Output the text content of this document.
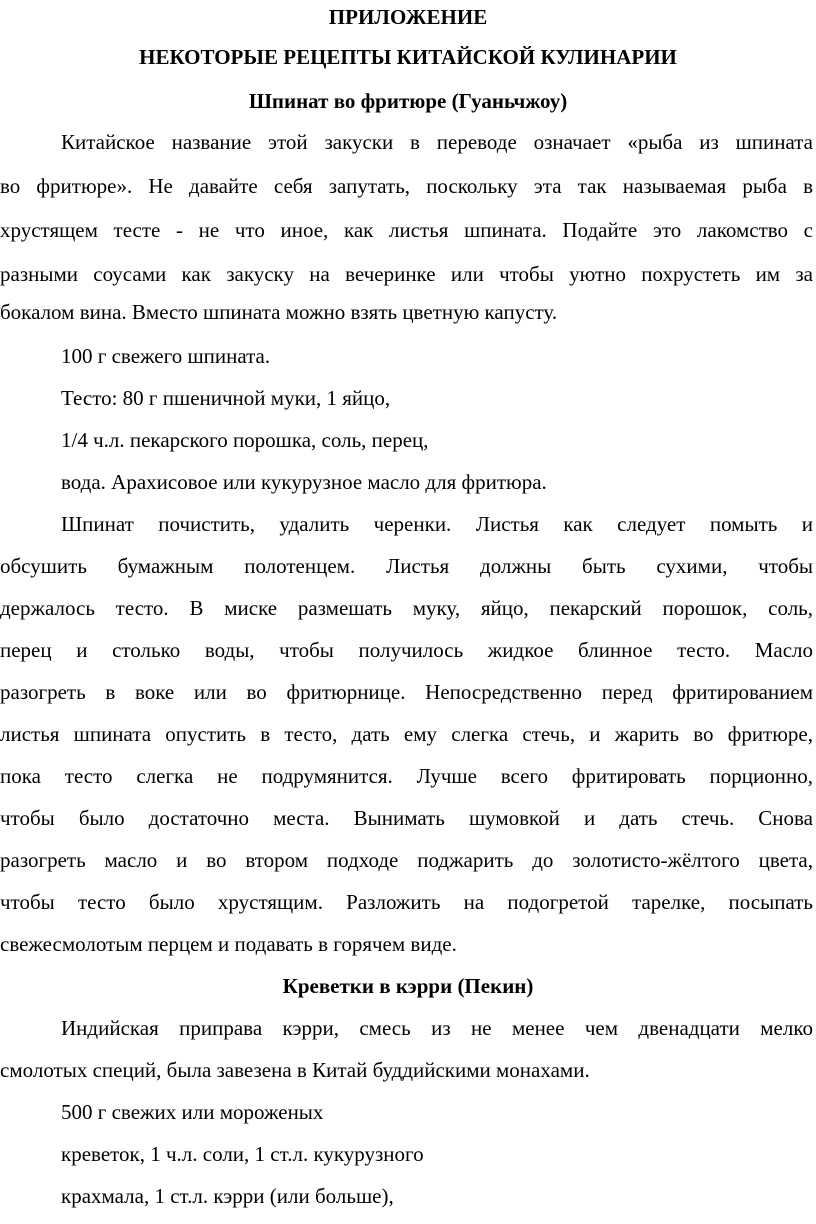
ПРИЛОЖЕНИЕ
НЕКОТОРЫЕ РЕЦЕПТЫ КИТАЙСКОЙ КУЛИНАРИИ
Шпинат во фритюре (Гуаньчжоу)
Китайское название этой закуски в переводе означает «рыба из шпината
во фритюре». Не давайте себя запутать, поскольку эта так называемая рыба в
хрустящем тесте - не что иное, как листья шпината. Подайте это лакомство с
разными соусами как закуску на вечеринке или чтобы уютно похрустеть им за
бокалом вина. Вместо шпината можно взять цветную капусту.
100 г свежего шпината.
Тесто: 80 г пшеничной муки, 1 яйцо,
1/4 ч.л. пекарского порошка, соль, перец,
вода. Арахисовое или кукурузное масло для фритюра.
Шпинат почистить, удалить черенки. Листья как следует помыть и
обсушить бумажным полотенцем. Листья должны быть сухими, чтобы
держалось тесто. В миске размешать муку, яйцо, пекарский порошок, соль,
перец и столько воды, чтобы получилось жидкое блинное тесто. Масло
разогреть в воке или во фритюрнице. Непосредственно перед фритированием
листья шпината опустить в тесто, дать ему слегка стечь, и жарить во фритюре,
пока тесто слегка не подрумянится. Лучше всего фритировать порционно,
чтобы было достаточно места. Вынимать шумовкой и дать стечь. Снова
разогреть масло и во втором подходе поджарить до золотисто-жёлтого цвета,
чтобы тесто было хрустящим. Разложить на подогретой тарелке, посыпать
свежесмолотым перцем и подавать в горячем виде.
Креветки в кэрри (Пекин)
Индийская приправа кэрри, смесь из не менее чем двенадцати мелко
смолотых специй, была завезена в Китай буддийскими монахами.
500 г свежих или мороженых
креветок, 1 ч.л. соли, 1 ст.л. кукурузного
крахмала, 1 ст.л. кэрри (или больше),
